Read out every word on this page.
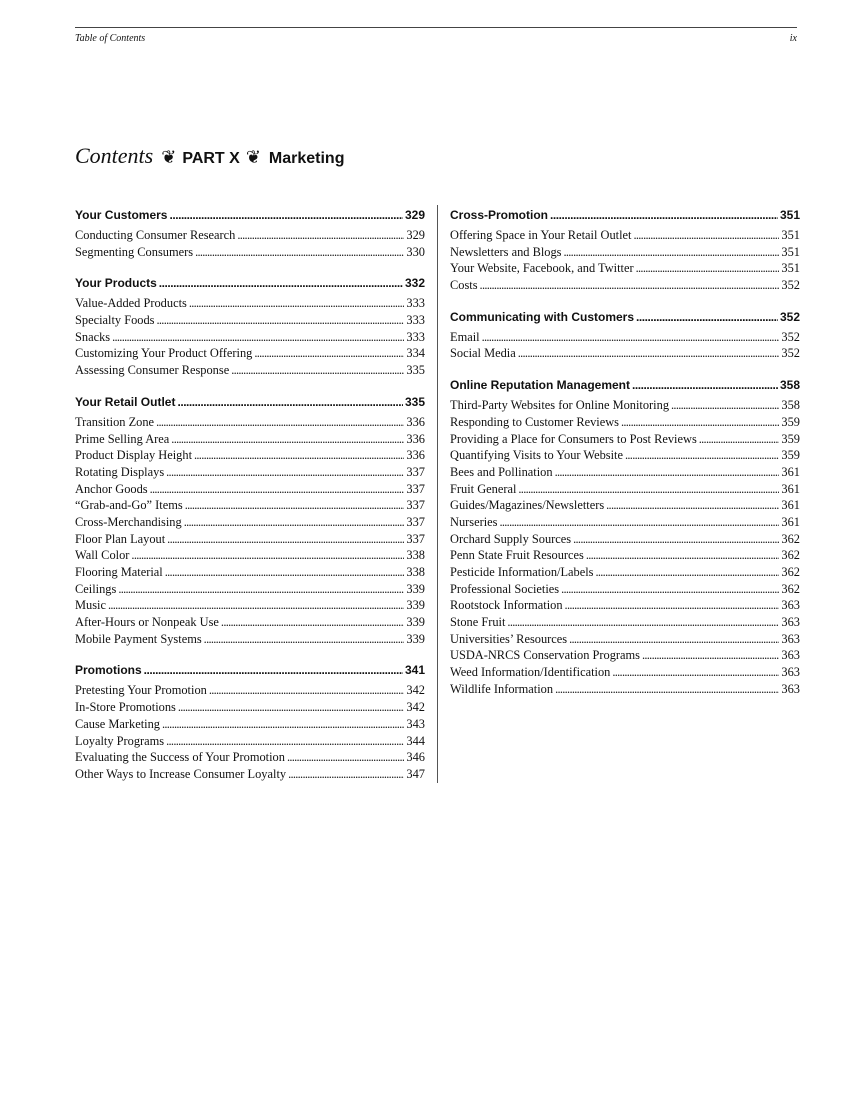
Table of Contents	ix
Contents ❦ PART X ❦ Marketing
Your Customers . . .	329
Conducting Consumer Research . . .	329
Segmenting Consumers . . .	330
Your Products . . .	332
Value-Added Products . . .	333
Specialty Foods . . .	333
Snacks . . .	333
Customizing Your Product Offering . . .	334
Assessing Consumer Response . . .	335
Your Retail Outlet . . .	335
Transition Zone . . .	336
Prime Selling Area . . .	336
Product Display Height . . .	336
Rotating Displays . . .	337
Anchor Goods . . .	337
“Grab-and-Go” Items . . .	337
Cross-Merchandising . . .	337
Floor Plan Layout . . .	337
Wall Color . . .	338
Flooring Material . . .	338
Ceilings . . .	339
Music . . .	339
After-Hours or Nonpeak Use . . .	339
Mobile Payment Systems . . .	339
Promotions . . .	341
Pretesting Your Promotion . . .	342
In-Store Promotions . . .	342
Cause Marketing . . .	343
Loyalty Programs . . .	344
Evaluating the Success of Your Promotion . . .	346
Other Ways to Increase Consumer Loyalty . . .	347
Cross-Promotion . . .	351
Offering Space in Your Retail Outlet . . .	351
Newsletters and Blogs . . .	351
Your Website, Facebook, and Twitter . . .	351
Costs . . .	352
Communicating with Customers . . .	352
Email . . .	352
Social Media . . .	352
Online Reputation Management . . .	358
Third-Party Websites for Online Monitoring . . .	358
Responding to Customer Reviews . . .	359
Providing a Place for Consumers to Post Reviews . . .	359
Quantifying Visits to Your Website . . .	359
Bees and Pollination . . .	361
Fruit General . . .	361
Guides/Magazines/Newsletters . . .	361
Nurseries . . .	361
Orchard Supply Sources . . .	362
Penn State Fruit Resources . . .	362
Pesticide Information/Labels . . .	362
Professional Societies . . .	362
Rootstock Information . . .	363
Stone Fruit . . .	363
Universities’ Resources . . .	363
USDA-NRCS Conservation Programs . . .	363
Weed Information/Identification . . .	363
Wildlife Information . . .	363
